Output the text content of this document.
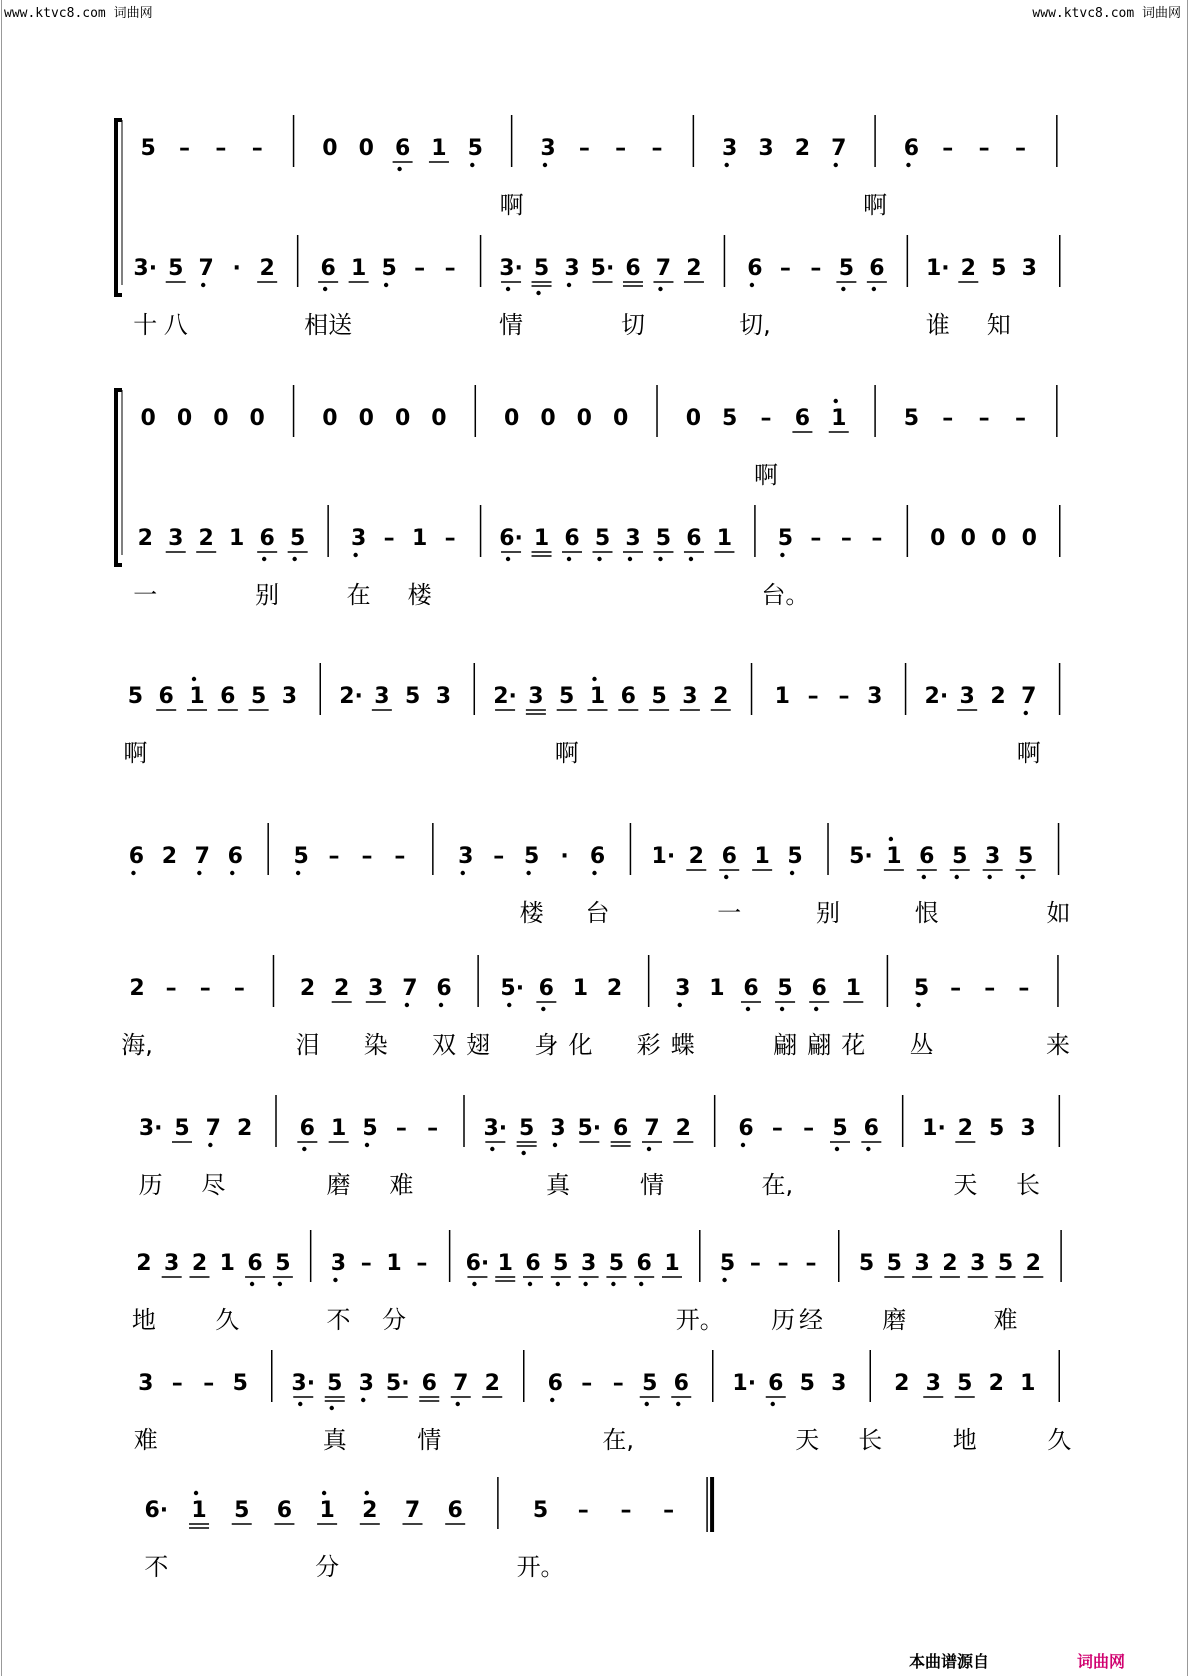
www.ktvc8.com 词曲网	www.ktvc8.com 词曲网
5 – – –	0 0 6 1 5	3 – – –	3 3 2 7	6 – – –
啊	啊
3· 5 7 · 2 6 1 5 – – 3· 5 3 5· 6 7 2 6 – – 5 6 1· 2 5 3
十 八	相送	情	切	切,	谁 知
0 0 0 0	0 0 0 0	0 0 0 0	0 5 – 6 1	5 – – –
啊
2 3 2 1 6 5 3 – 1 – 6· 1 6 5 3 5 6 1 5 – – – 0 0 0 0
一	别	在 楼	台。
5 6 1 6 5 3 2· 3 5 3 2· 3 5 1 6 5 3 2 1 – – 3 2· 3 2 7
啊	啊	啊
6 2 7 6 5 – – – 3 – 5 · 6 1· 2 6 1 5 5· 1 6 5 3 5
楼 台	一	别	恨	如
2 – – –	2 2 3 7 6 5· 6 1 2 3 1 6 5 6 1 5 – – –
海,	泪 染 双 翅 身 化 彩 蝶	翩 翩 花 丛	来
3· 5 7 2 6 1 5 – – 3· 5 3 5· 6 7 2 6 – – 5 6 1· 2 5 3
历 尽	磨 难	真	情	在,	天 长
2 3 2 1 6 5 3 – 1 – 6· 1 6 5 3 5 6 1 5 – – – 5 5 3 2 3 5 2
地 久	不 分	开。 历 经 磨	难
3 – – 5 3· 5 3 5· 6 7 2 6 – – 5 6 1· 6 5 3 2 3 5 2 1
难	真	情	在,	天 长	地	久
6· 1 5 6 1 2 7 6	5 – – –
不	分	开。
本曲谱源自	词曲网
